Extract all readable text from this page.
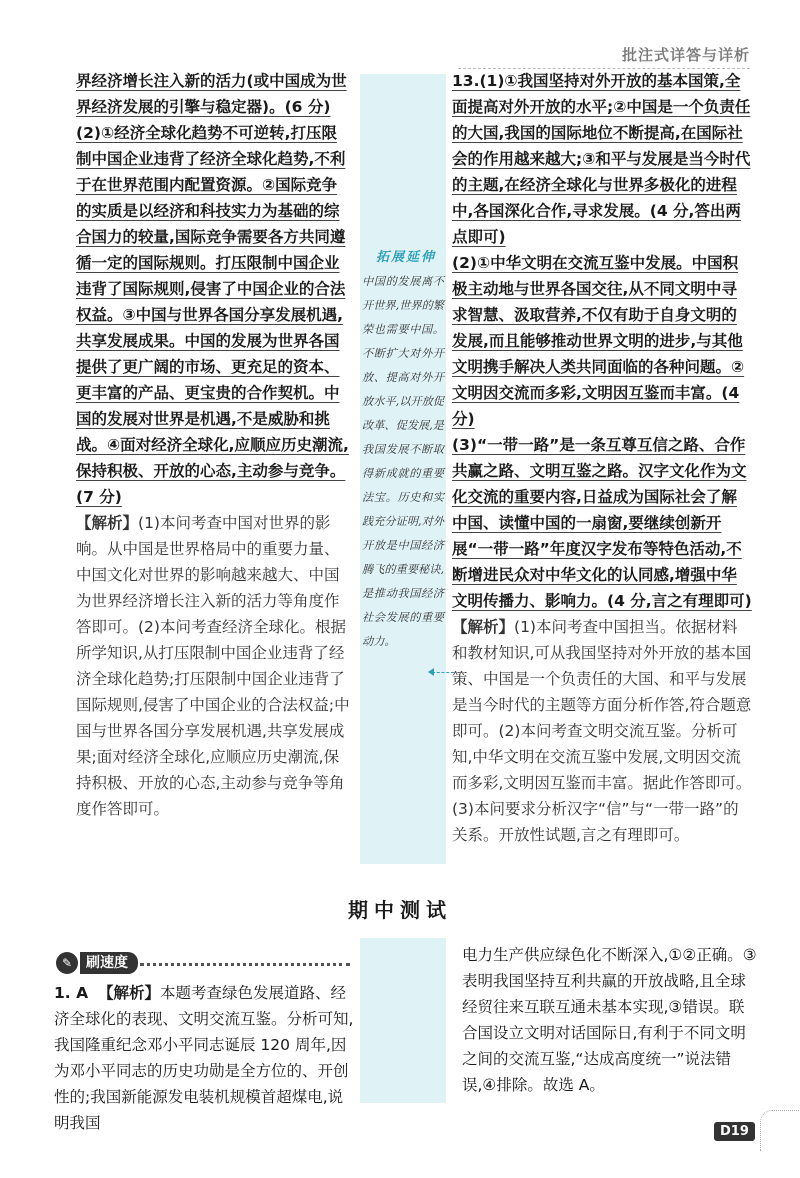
批注式详答与详析

界经济增长注入新的活力(或中国成为世界经济发展的引擎与稳定器)。(6 分)

(2)①经济全球化趋势不可逆转,打压限制中国企业违背了经济全球化趋势,不利于在世界范围内配置资源。②国际竞争的实质是以经济和科技实力为基础的综合国力的较量,国际竞争需要各方共同遵循一定的国际规则。打压限制中国企业违背了国际规则,侵害了中国企业的合法权益。③中国与世界各国分享发展机遇,共享发展成果。中国的发展为世界各国提供了更广阔的市场、更充足的资本、更丰富的产品、更宝贵的合作契机。中国的发展对世界是机遇,不是威胁和挑战。④面对经济全球化,应顺应历史潮流,保持积极、开放的心态,主动参与竞争。(7 分)

【解析】(1)本问考查中国对世界的影响。从中国是世界格局中的重要力量、中国文化对世界的影响越来越大、中国为世界经济增长注入新的活力等角度作答即可。(2)本问考查经济全球化。根据所学知识,从打压限制中国企业违背了经济全球化趋势;打压限制中国企业违背了国际规则,侵害了中国企业的合法权益;中国与世界各国分享发展机遇,共享发展成果;面对经济全球化,应顺应历史潮流,保持积极、开放的心态,主动参与竞争等角度作答即可。

拓展延伸
中国的发展离不开世界,世界的繁荣也需要中国。不断扩大对外开放、提高对外开放水平,以开放促改革、促发展,是我国发展不断取得新成就的重要法宝。历史和实践充分证明,对外开放是中国经济腾飞的重要秘诀,是推动我国经济社会发展的重要动力。

13.(1)①我国坚持对外开放的基本国策,全面提高对外开放的水平;②中国是一个负责任的大国,我国的国际地位不断提高,在国际社会的作用越来越大;③和平与发展是当今时代的主题,在经济全球化与世界多极化的进程中,各国深化合作,寻求发展。(4 分,答出两点即可)

(2)①中华文明在交流互鉴中发展。中国积极主动地与世界各国交往,从不同文明中寻求智慧、汲取营养,不仅有助于自身文明的发展,而且能够推动世界文明的进步,与其他文明携手解决人类共同面临的各种问题。②文明因交流而多彩,文明因互鉴而丰富。(4 分)

(3)“一带一路”是一条互尊互信之路、合作共赢之路、文明互鉴之路。汉字文化作为文化交流的重要内容,日益成为国际社会了解中国、读懂中国的一扇窗,要继续创新开展“一带一路”年度汉字发布等特色活动,不断增进民众对中华文化的认同感,增强中华文明传播力、影响力。(4 分,言之有理即可)

【解析】(1)本问考查中国担当。依据材料和教材知识,可从我国坚持对外开放的基本国策、中国是一个负责任的大国、和平与发展是当今时代的主题等方面分析作答,符合题意即可。(2)本问考查文明交流互鉴。分析可知,中华文明在交流互鉴中发展,文明因交流而多彩,文明因互鉴而丰富。据此作答即可。(3)本问要求分析汉字“信”与“一带一路”的关系。开放性试题,言之有理即可。

期中测试
✎ 刷速度

1. A 【解析】本题考查绿色发展道路、经济全球化的表现、文明交流互鉴。分析可知,我国隆重纪念邓小平同志诞辰 120 周年,因为邓小平同志的历史功勋是全方位的、开创性的;我国新能源发电装机规模首超煤电,说明我国

电力生产供应绿色化不断深入,①②正确。③表明我国坚持互利共赢的开放战略,且全球经贸往来互联互通未基本实现,③错误。联合国设立文明对话国际日,有利于不同文明之间的交流互鉴,“达成高度统一”说法错误,④排除。故选 A。

D19
